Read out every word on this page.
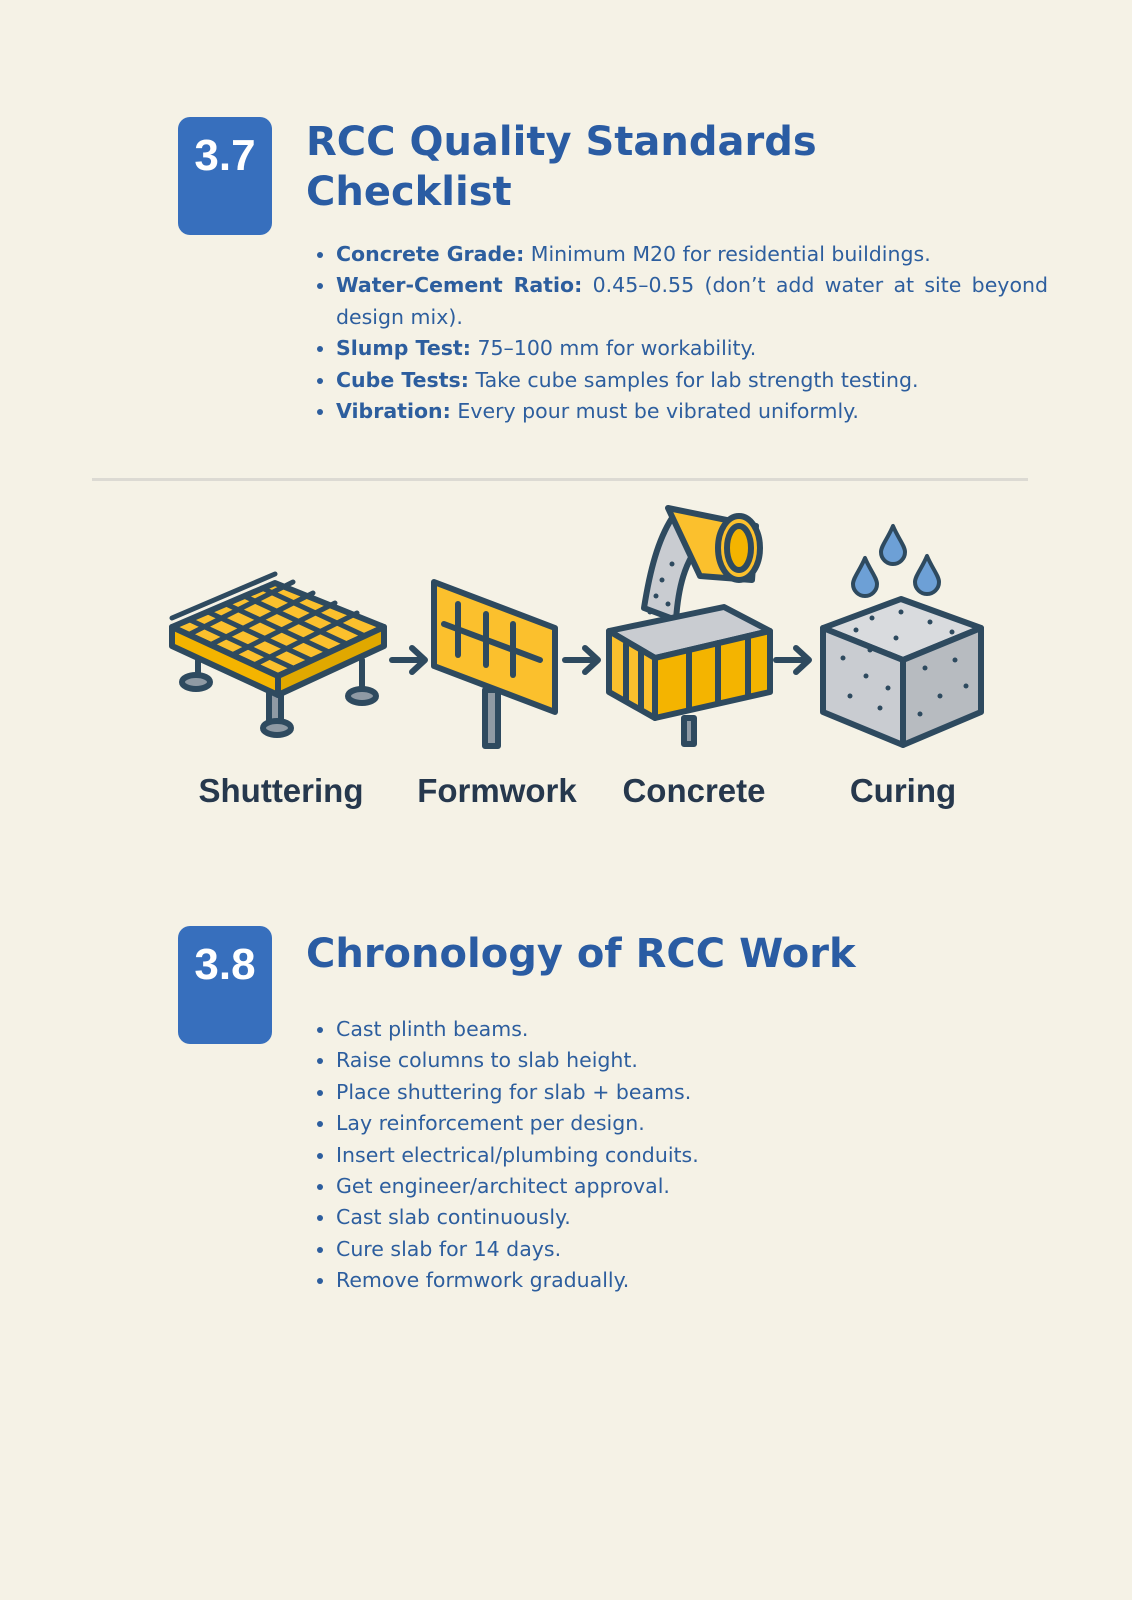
3.7	RCC Quality Standards Checklist
• Concrete Grade: Minimum M20 for residential buildings.
• Water-Cement Ratio: 0.45–0.55 (don’t add water at site beyond design mix).
• Slump Test: 75–100 mm for workability.
• Cube Tests: Take cube samples for lab strength testing.
• Vibration: Every pour must be vibrated uniformly.
Shuttering	Formwork	Concrete	Curing
3.8	Chronology of RCC Work
• Cast plinth beams.
• Raise columns to slab height.
• Place shuttering for slab + beams.
• Lay reinforcement per design.
• Insert electrical/plumbing conduits.
• Get engineer/architect approval.
• Cast slab continuously.
• Cure slab for 14 days.
• Remove formwork gradually.
